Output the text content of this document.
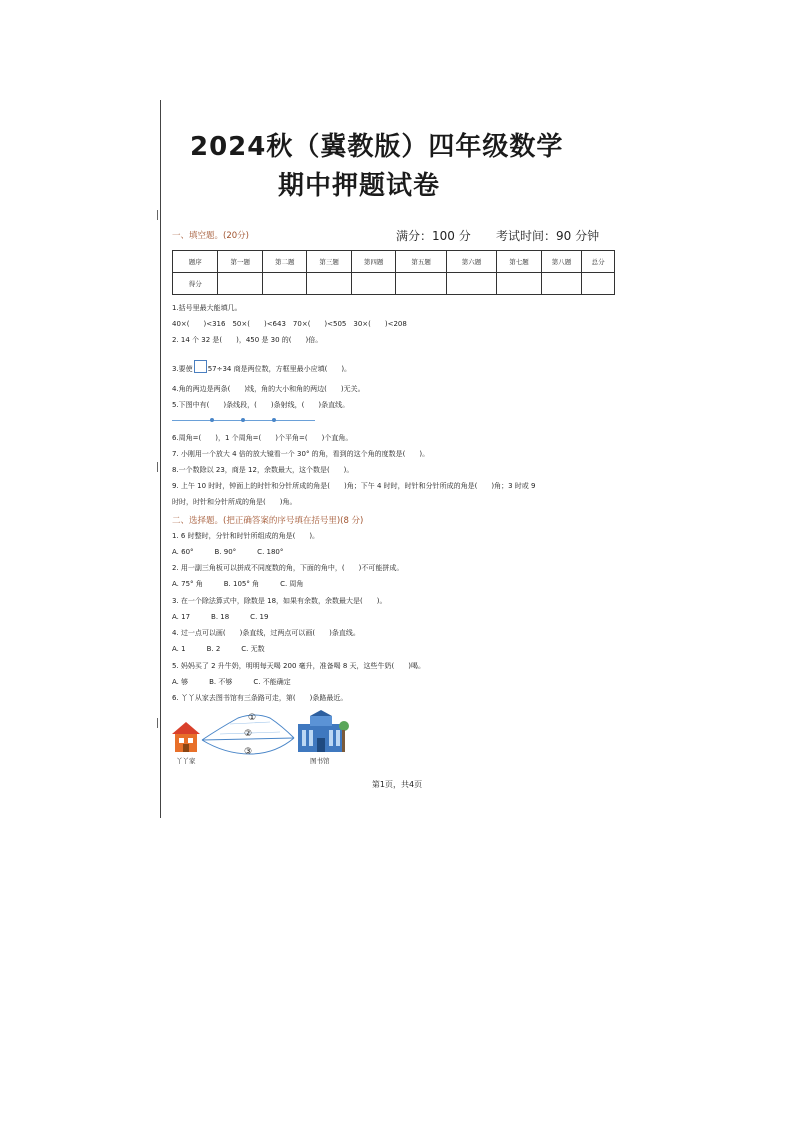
2024秋（冀教版）四年级数学
期中押题试卷
一、填空题。(20分)	满分：100 分 考试时间：90 分钟
题序	第一题	第二题	第三题	第四题	第五题	第六题	第七题	第八题	总分
得分									
1.括号里最大能填几。
40×(　　)<316　50×(　　)<643　70×(　　)<505　30×(　　)<208
2. 14 个 32 是(　　)，450 是 30 的(　　)倍。
3.要使 57÷34 商是两位数，方框里最小应填(　　)。
4.角的两边是两条(　　)线，角的大小和角的两边(　　)无关。
5.下图中有(　　)条线段，(　　)条射线，(　　)条直线。
6.周角=(　　)，1 个周角=(　　)个平角=(　　)个直角。
7. 小刚用一个放大 4 倍的放大镜看一个 30° 的角，看到的这个角的度数是(　　)。
8.一个数除以 23，商是 12，余数最大，这个数是(　　)。
9. 上午 10 时时，钟面上的时针和分针所成的角是(　　)角；下午 4 时时，时针和分针所成的角是(　　)角；3 时或 9
时时，时针和分针所成的角是(　　)角。
二、选择题。(把正确答案的序号填在括号里)(8 分)
1. 6 时整时，分针和时针所组成的角是(　　)。
A. 60°　　　B. 90°　　　C. 180°
2. 用一副三角板可以拼成不同度数的角，下面的角中，(　　)不可能拼成。
A. 75° 角　　　B. 105° 角　　　C. 周角
3. 在一个除法算式中，除数是 18，如果有余数，余数最大是(　　)。
A. 17　　　B. 18　　　C. 19
4. 过一点可以画(　　)条直线，过两点可以画(　　)条直线。
A. 1　　　B. 2　　　C. 无数
5. 妈妈买了 2 升牛奶，明明每天喝 200 毫升，准备喝 8 天，这些牛奶(　　)喝。
A. 够　　　B. 不够　　　C. 不能确定
6. 丫丫从家去图书馆有三条路可走，第(　　)条路最近。
①
②
③
丫丫家	图书馆
第1页，共4页
